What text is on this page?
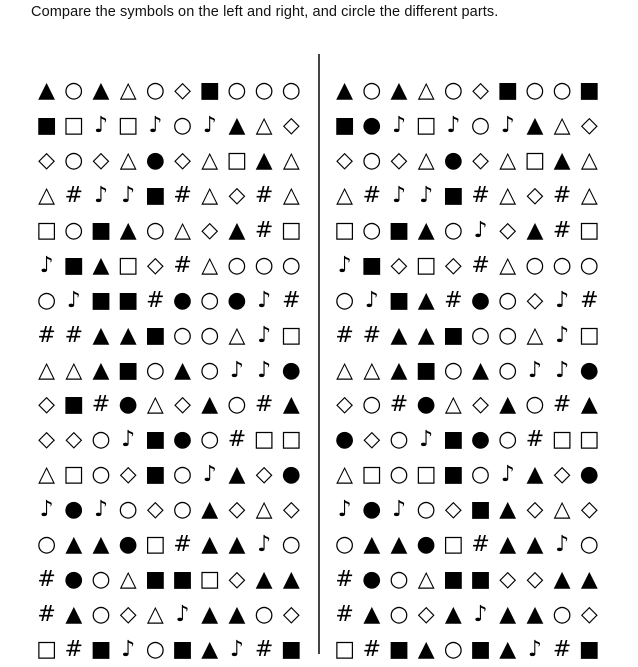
Compare the symbols on the left and right, and circle the different parts.
▲ ○ ▲ △ ○ ◇ ■ ○ ○ ○
■ □ ♪ □ ♪ ○ ♪ ▲ △ ◇
◇ ○ ◇ △ ● ◇ △ □ ▲ △
△ # ♪ ♪ ■ # △ ◇ # △
□ ○ ■ ▲ ○ △ ◇ ▲ # □
♪ ■ ▲ □ ◇ # △ ○ ○ ○
○ ♪ ■ ■ # ● ○ ● ♪ #
# # ▲ ▲ ■ ○ ○ △ ♪ □
△ △ ▲ ■ ○ ▲ ○ ♪ ♪ ●
◇ ■ # ● △ ◇ ▲ ○ # ▲
◇ ◇ ○ ♪ ■ ● ○ # □ □
△ □ ○ ◇ ■ ○ ♪ ▲ ◇ ●
♪ ● ♪ ○ ◇ ○ ▲ ◇ △ ◇
○ ▲ ▲ ● □ # ▲ ▲ ♪ ○
# ● ○ △ ■ ■ □ ◇ ▲ ▲
# ▲ ○ ◇ △ ♪ ▲ ▲ ○ ◇
□ # ■ ♪ ○ ■ ▲ ♪ # ■
▲ ○ ▲ △ ○ ◇ ■ ○ ○ ■
■ ● ♪ □ ♪ ○ ♪ ▲ △ ◇
◇ ○ ◇ △ ● ◇ △ □ ▲ △
△ # ♪ ♪ ■ # △ ◇ # △
□ ○ ■ ▲ ○ ♪ ◇ ▲ # □
♪ ■ ◇ □ ◇ # △ ○ ○ ○
○ ♪ ■ ▲ # ● ○ ◇ ♪ #
# # ▲ ▲ ■ ○ ○ △ ♪ □
△ △ ▲ ■ ○ ▲ ○ ♪ ♪ ●
◇ ○ # ● △ ◇ ▲ ○ # ▲
● ◇ ○ ♪ ■ ● ○ # □ □
△ □ ○ □ ■ ○ ♪ ▲ ◇ ●
♪ ● ♪ ○ ◇ ■ ▲ ◇ △ ◇
○ ▲ ▲ ● □ # ▲ ▲ ♪ ○
# ● ○ △ ■ ■ ◇ ◇ ▲ ▲
# ▲ ○ ◇ ▲ ♪ ▲ ▲ ○ ◇
□ # ■ ▲ ○ ■ ▲ ♪ # ■
